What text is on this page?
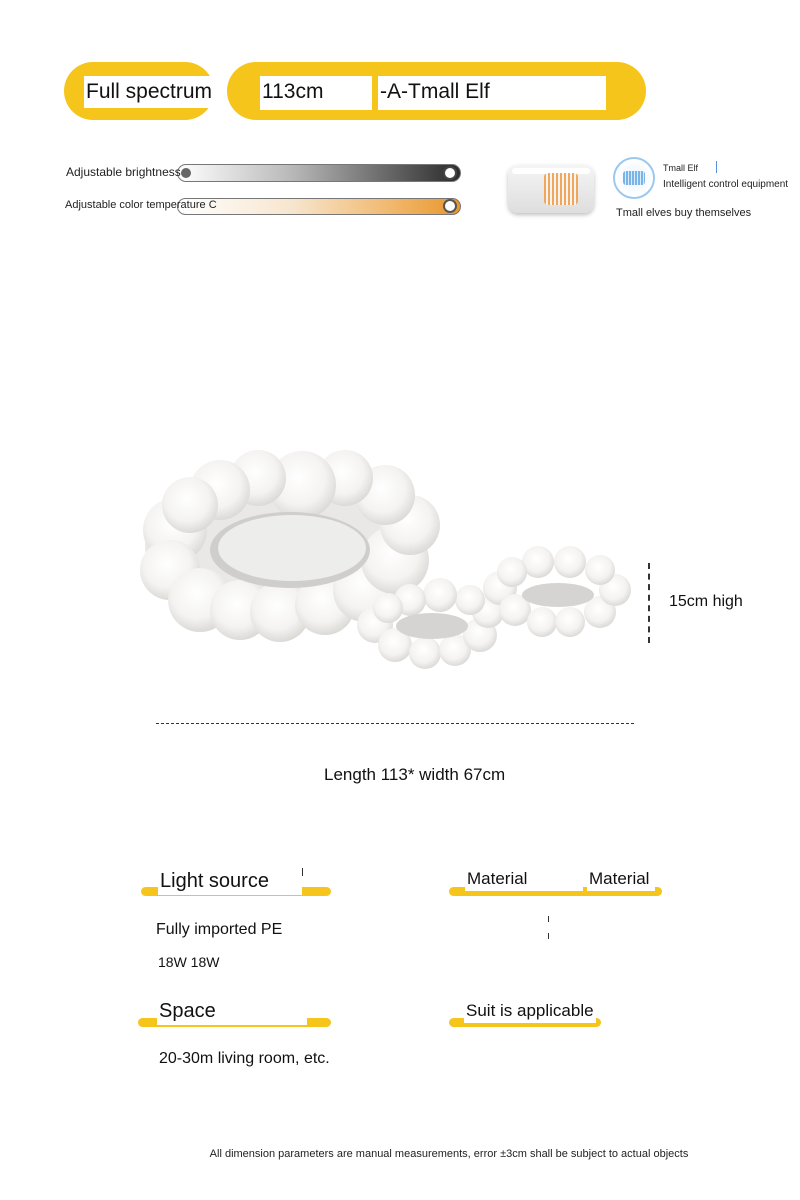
Full spectrum 113cm	-A-Tmall Elf
Adjustable brightness
Adjustable color temperature C
Tmall Elf
Intelligent control equipment
Tmall elves buy themselves
15cm high
Length 113* width 67cm
Light source
Fully imported PE
18W 18W
Material	Material
Space
20-30m living room, etc.
Suit is applicable
All dimension parameters are manual measurements, error ±3cm shall be subject to actual objects
